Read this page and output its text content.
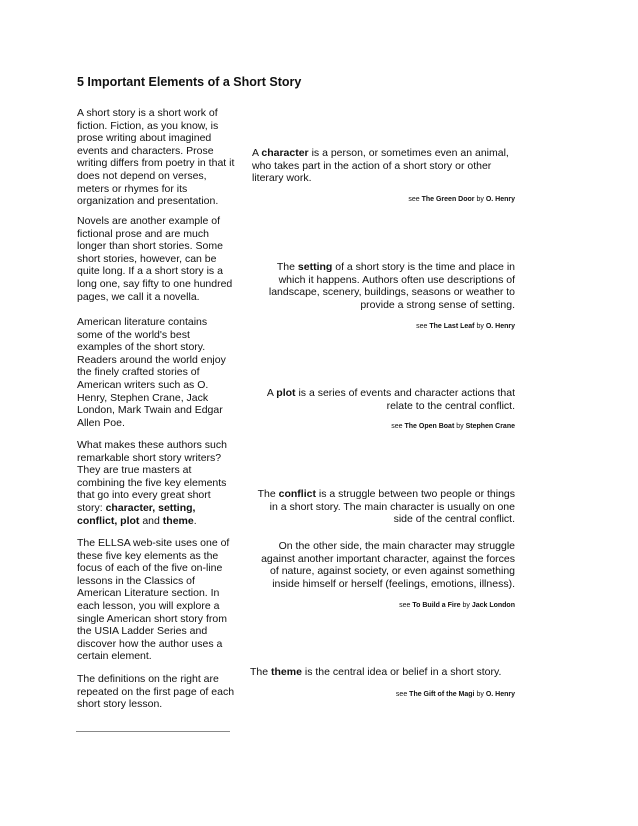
5 Important Elements of a Short Story

A short story is a short work of fiction. Fiction, as you know, is prose writing about imagined events and characters. Prose writing differs from poetry in that it does not depend on verses, meters or rhymes for its organization and presentation.

Novels are another example of fictional prose and are much longer than short stories. Some short stories, however, can be quite long. If a a short story is a long one, say fifty to one hundred pages, we call it a novella.

American literature contains some of the world's best examples of the short story. Readers around the world enjoy the finely crafted stories of American writers such as O. Henry, Stephen Crane, Jack London, Mark Twain and Edgar Allen Poe.

What makes these authors such remarkable short story writers? They are true masters at combining the five key elements that go into every great short story: character, setting, conflict, plot and theme.

The ELLSA web-site uses one of these five key elements as the focus of each of the five on-line lessons in the Classics of American Literature section. In each lesson, you will explore a single American short story from the USIA Ladder Series and discover how the author uses a certain element.

The definitions on the right are repeated on the first page of each short story lesson.

A character is a person, or sometimes even an animal, who takes part in the action of a short story or other literary work.

see The Green Door by O. Henry

The setting of a short story is the time and place in which it happens. Authors often use descriptions of landscape, scenery, buildings, seasons or weather to provide a strong sense of setting.

see The Last Leaf by O. Henry

A plot is a series of events and character actions that relate to the central conflict.

see The Open Boat by Stephen Crane

The conflict is a struggle between two people or things in a short story. The main character is usually on one side of the central conflict.

On the other side, the main character may struggle against another important character, against the forces of nature, against society, or even against something inside himself or herself (feelings, emotions, illness).

see To Build a Fire by Jack London

The theme is the central idea or belief in a short story.

see The Gift of the Magi by O. Henry
